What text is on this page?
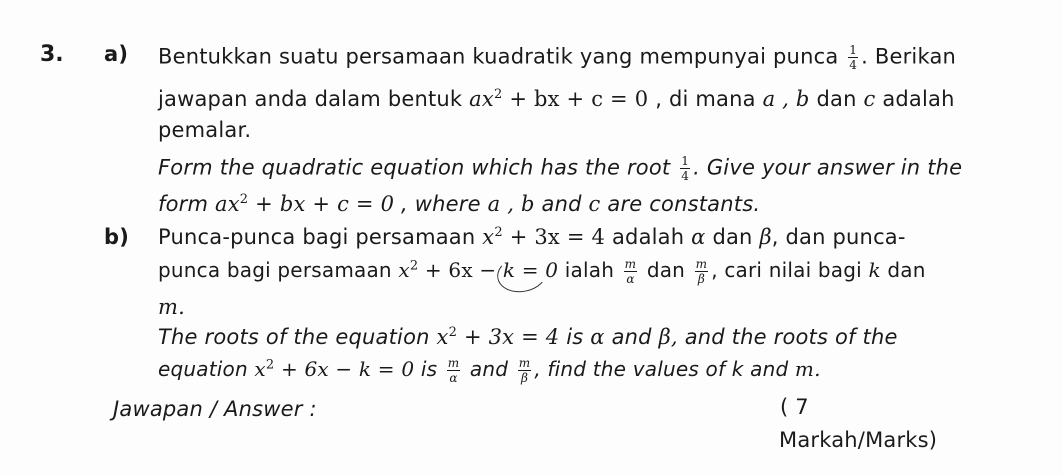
3. a) Bentukkan suatu persamaan kuadratik yang mempunyai punca $\frac{1}{4}$ . Berikan
jawapan anda dalam bentuk $ax^2$ + bx + c = 0 , di mana a , b dan c adalah
pemalar.
Form the quadratic equation which has the root $\frac{1}{4}$ . Give your answer in the
form $ax^2$ + bx + c = 0 , where a , b and c are constants.
b) Punca-punca bagi persamaan $x^2 + 3x = 4$ adalah α dan β, dan punca-
punca bagi persamaan $x^2 + 6x - k = 0$ ialah $\frac{m}{\alpha}$ dan $\frac{m}{\beta}$ , cari nilai bagi k dan
m.
The roots of the equation $x^2 + 3x = 4$ is α and β, and the roots of the
equation $x^2 + 6x - k = 0$ is $\frac{m}{\alpha}$ and $\frac{m}{\beta}$ , find the values of k and m.
Jawapan / Answer :	( 7
Markah/Marks)
